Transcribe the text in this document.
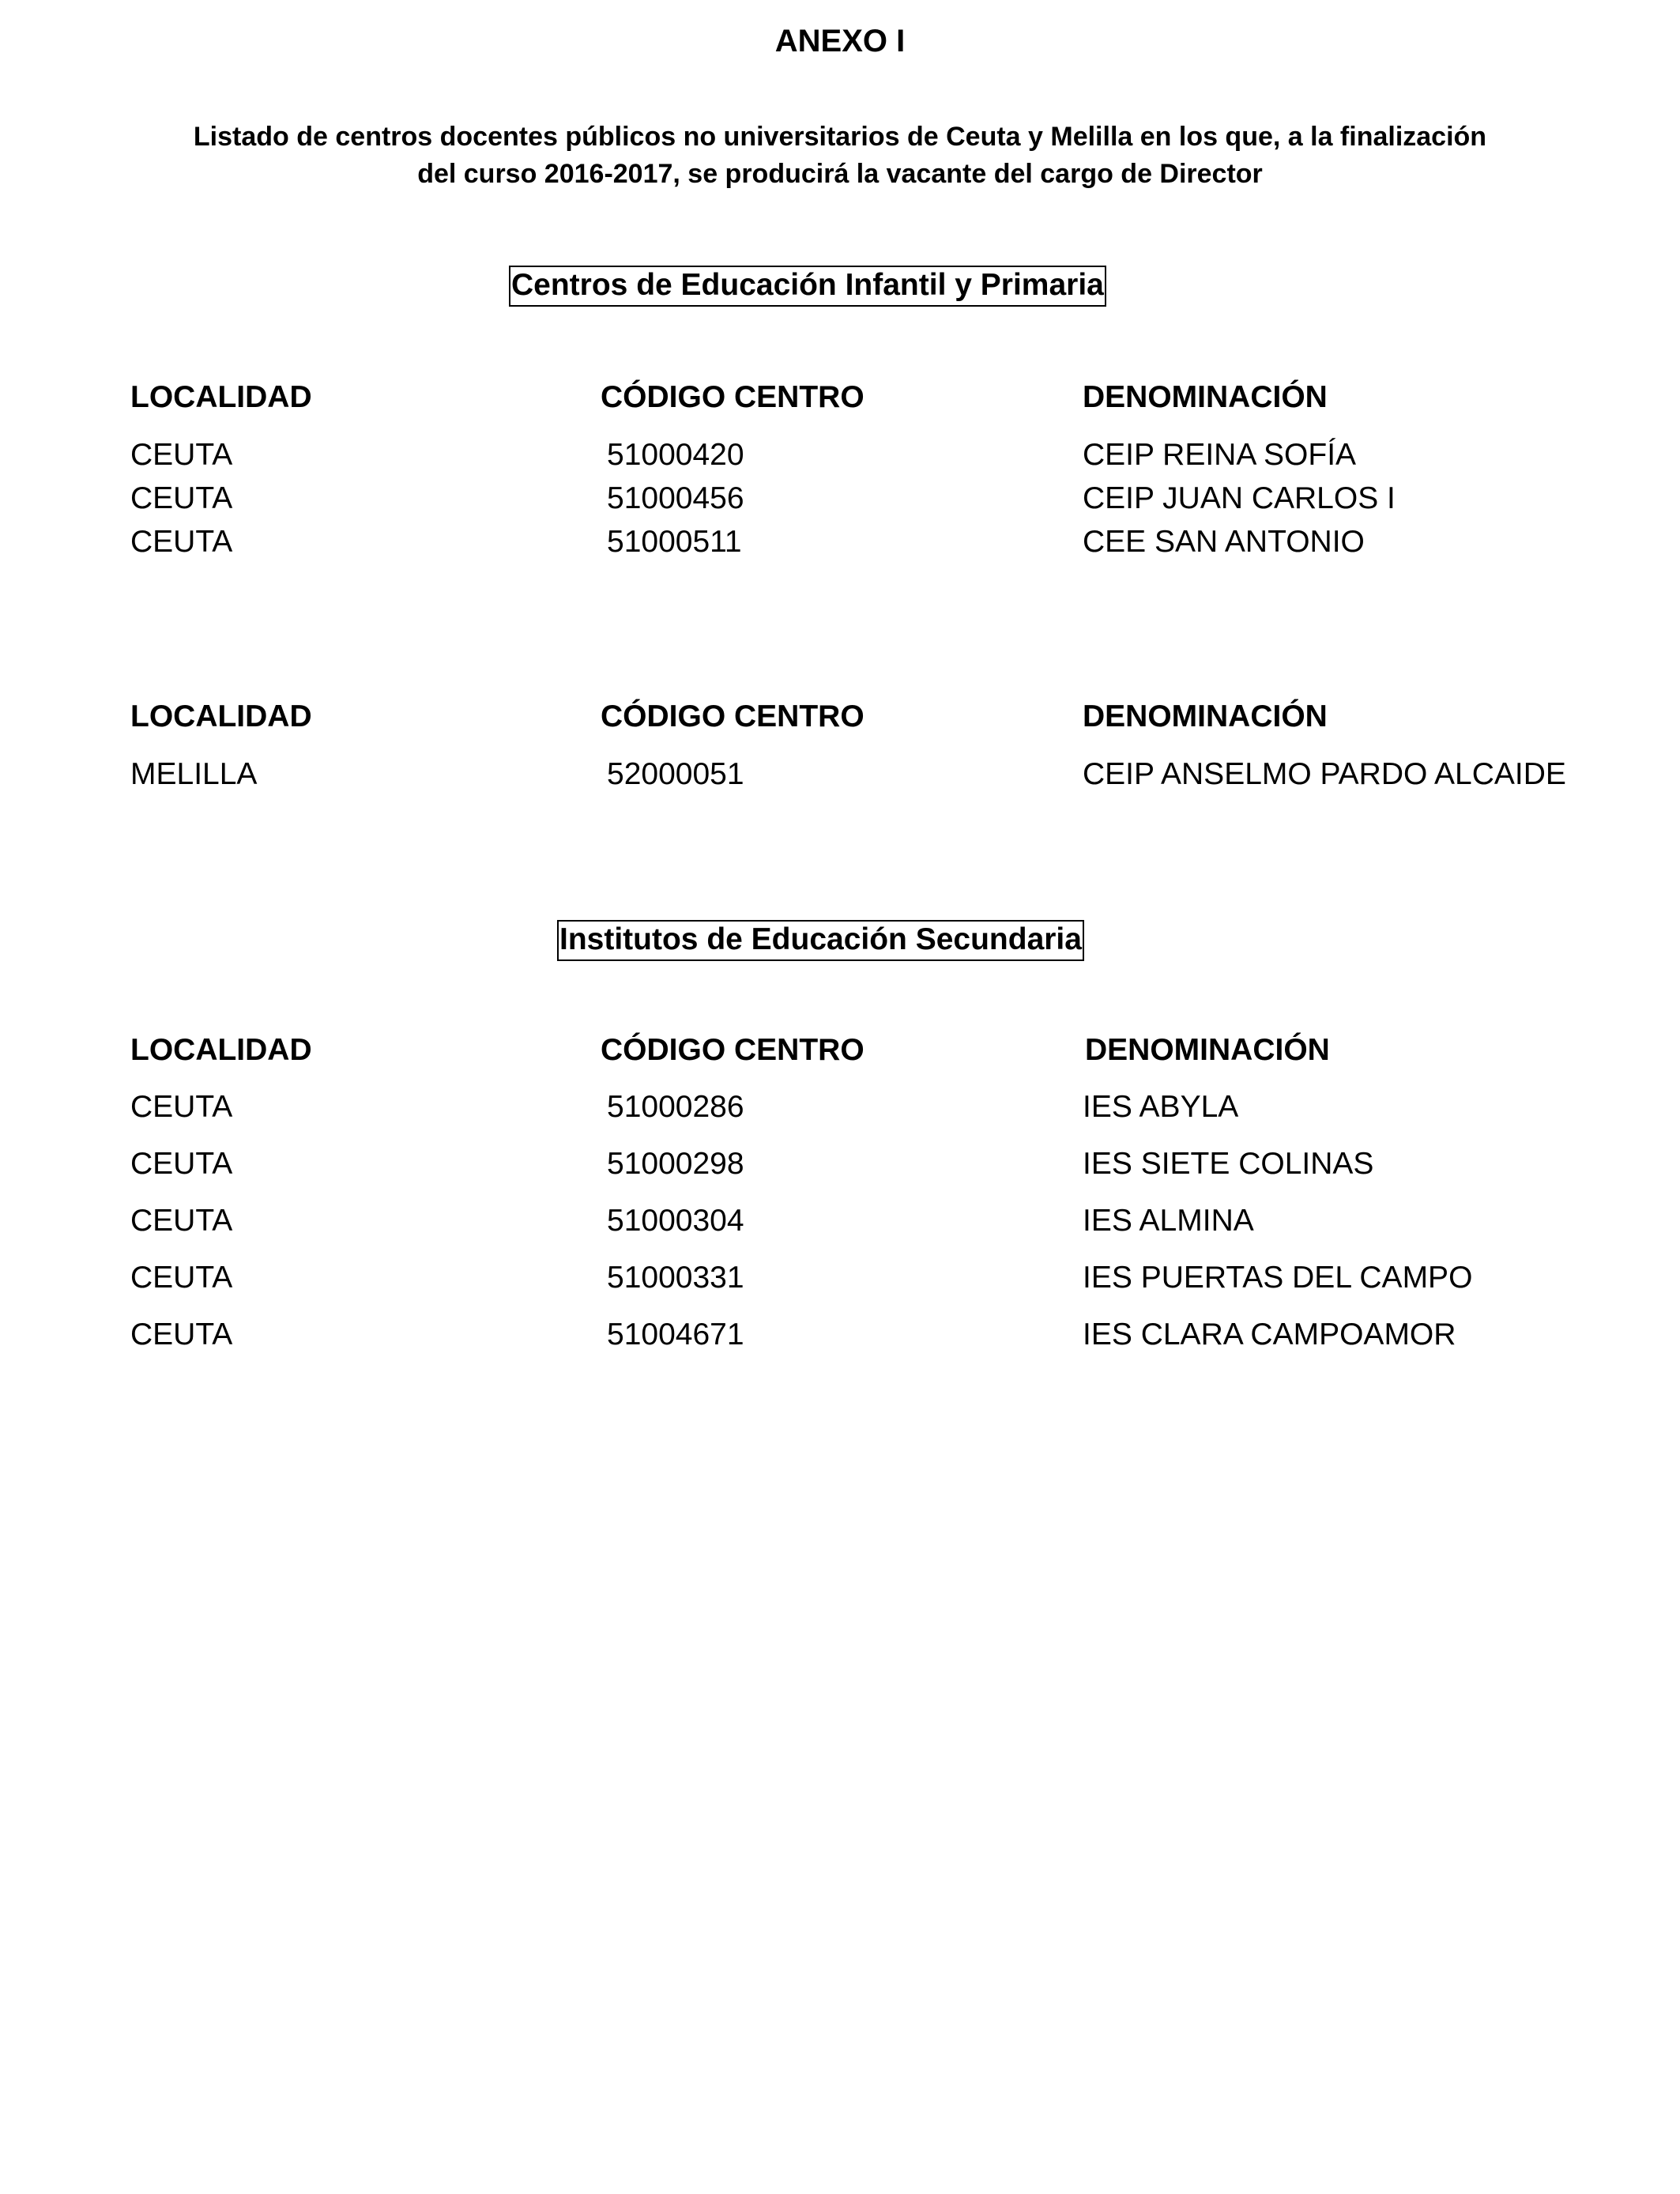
ANEXO I
Listado de centros docentes públicos no universitarios de Ceuta y Melilla en los que, a la finalización
del curso 2016-2017, se producirá la vacante del cargo de Director
Centros de Educación Infantil y Primaria
LOCALIDAD	CÓDIGO CENTRO	DENOMINACIÓN
CEUTA	51000420	CEIP REINA SOFÍA
CEUTA	51000456	CEIP JUAN CARLOS I
CEUTA	51000511	CEE SAN ANTONIO
LOCALIDAD	CÓDIGO CENTRO	DENOMINACIÓN
MELILLA	52000051	CEIP ANSELMO PARDO ALCAIDE
Institutos de Educación Secundaria
LOCALIDAD	CÓDIGO CENTRO	DENOMINACIÓN
CEUTA	51000286	IES ABYLA
CEUTA	51000298	IES SIETE COLINAS
CEUTA	51000304	IES ALMINA
CEUTA	51000331	IES PUERTAS DEL CAMPO
CEUTA	51004671	IES CLARA CAMPOAMOR
